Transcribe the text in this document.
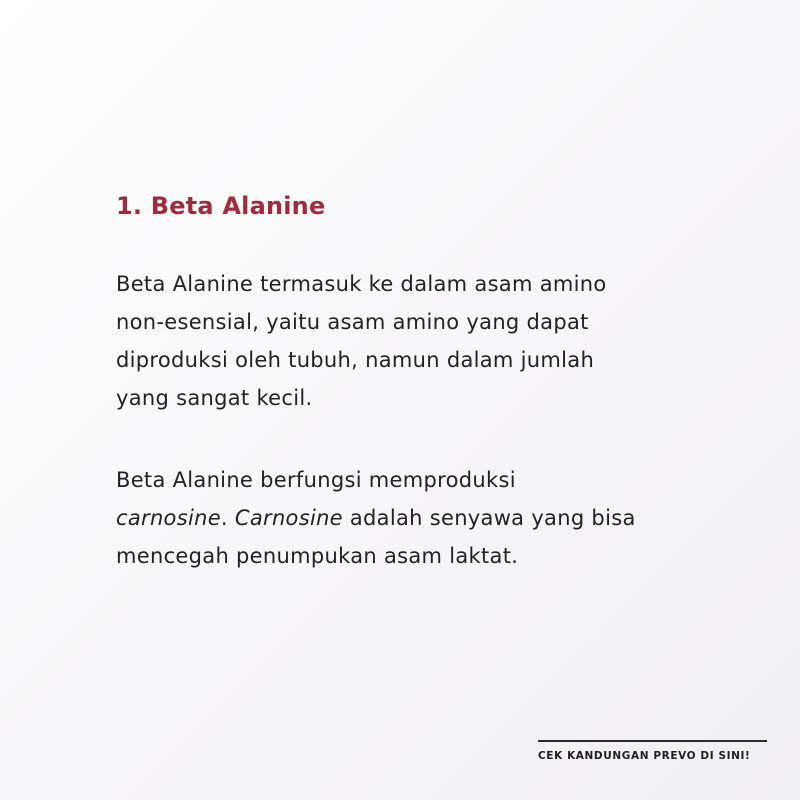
1. Beta Alanine

Beta Alanine termasuk ke dalam asam amino
non-esensial, yaitu asam amino yang dapat
diproduksi oleh tubuh, namun dalam jumlah
yang sangat kecil.

Beta Alanine berfungsi memproduksi
carnosine. Carnosine adalah senyawa yang bisa
mencegah penumpukan asam laktat.

CEK KANDUNGAN PREVO DI SINI!
